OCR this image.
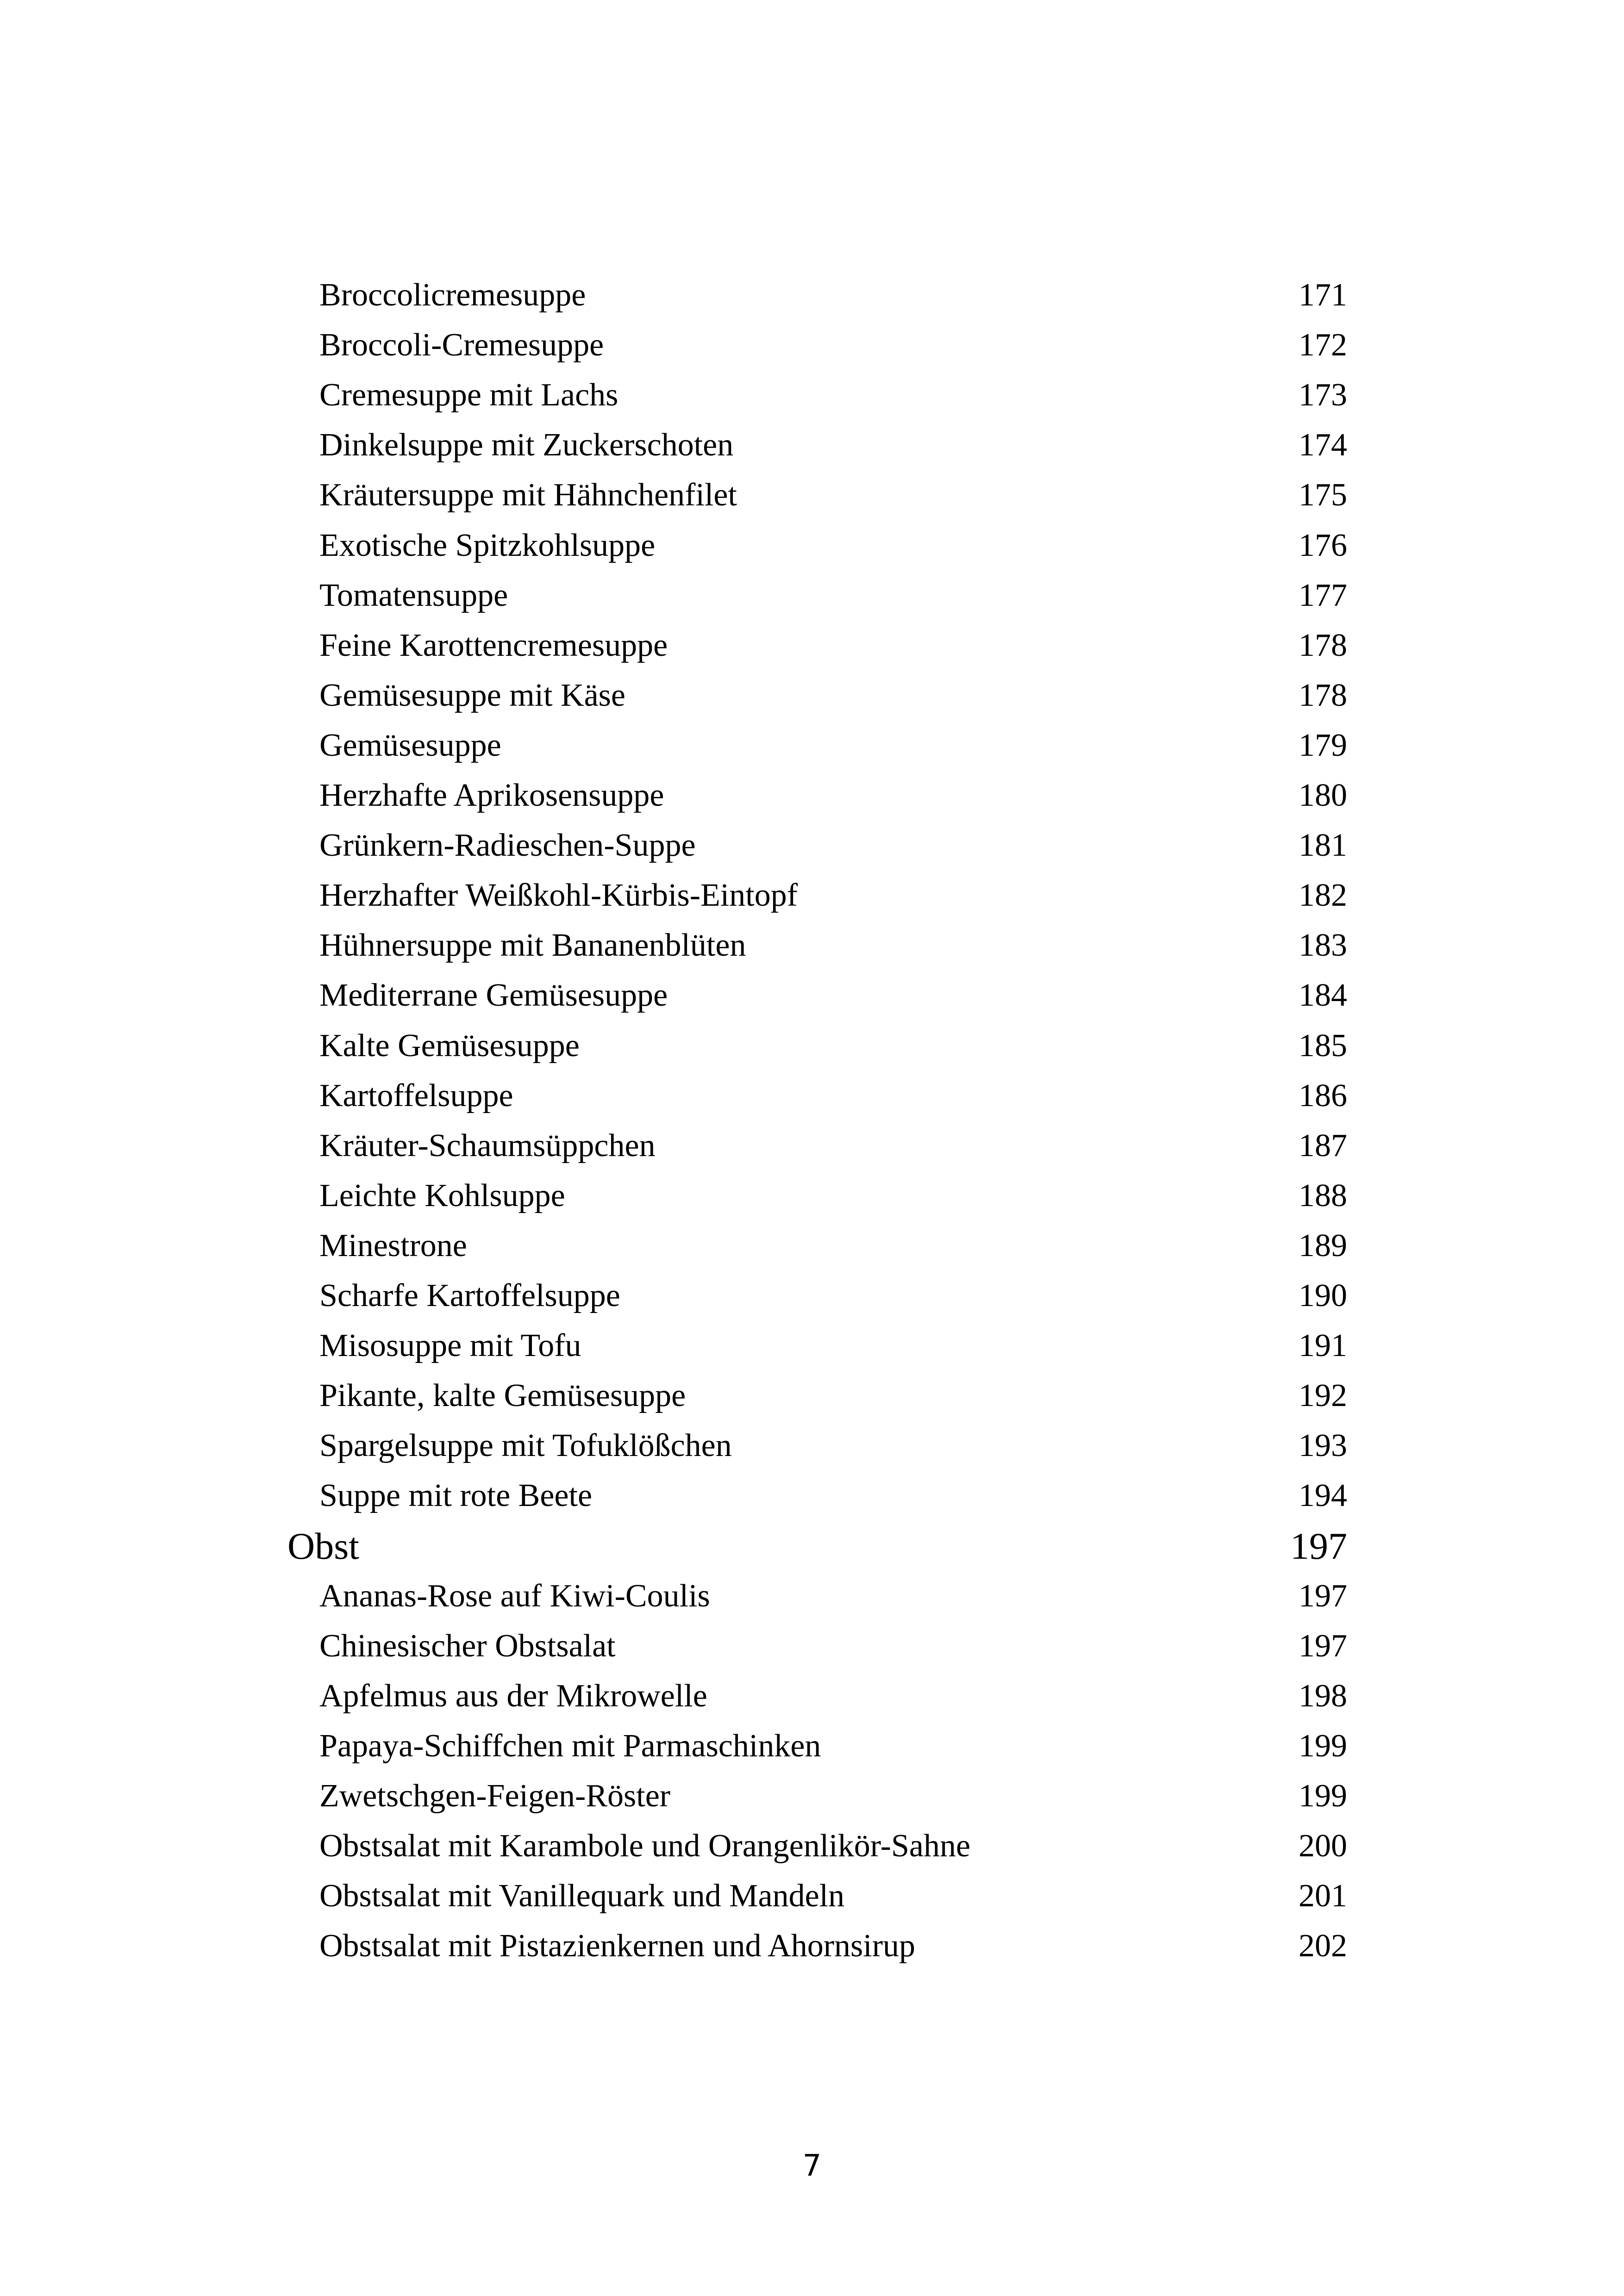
Broccolicremesuppe	171
Broccoli-Cremesuppe	172
Cremesuppe mit Lachs	173
Dinkelsuppe mit Zuckerschoten	174
Kräutersuppe mit Hähnchenfilet	175
Exotische Spitzkohlsuppe	176
Tomatensuppe	177
Feine Karottencremesuppe	178
Gemüsesuppe mit Käse	178
Gemüsesuppe	179
Herzhafte Aprikosensuppe	180
Grünkern-Radieschen-Suppe	181
Herzhafter Weißkohl-Kürbis-Eintopf	182
Hühnersuppe mit Bananenblüten	183
Mediterrane Gemüsesuppe	184
Kalte Gemüsesuppe	185
Kartoffelsuppe	186
Kräuter-Schaumsüppchen	187
Leichte Kohlsuppe	188
Minestrone	189
Scharfe Kartoffelsuppe	190
Misosuppe mit Tofu	191
Pikante, kalte Gemüsesuppe	192
Spargelsuppe mit Tofuklößchen	193
Suppe mit rote Beete	194
Obst	197
Ananas-Rose auf Kiwi-Coulis	197
Chinesischer Obstsalat	197
Apfelmus aus der Mikrowelle	198
Papaya-Schiffchen mit Parmaschinken	199
Zwetschgen-Feigen-Röster	199
Obstsalat mit Karambole und Orangenlikör-Sahne	200
Obstsalat mit Vanillequark und Mandeln	201
Obstsalat mit Pistazienkernen und Ahornsirup	202
7
